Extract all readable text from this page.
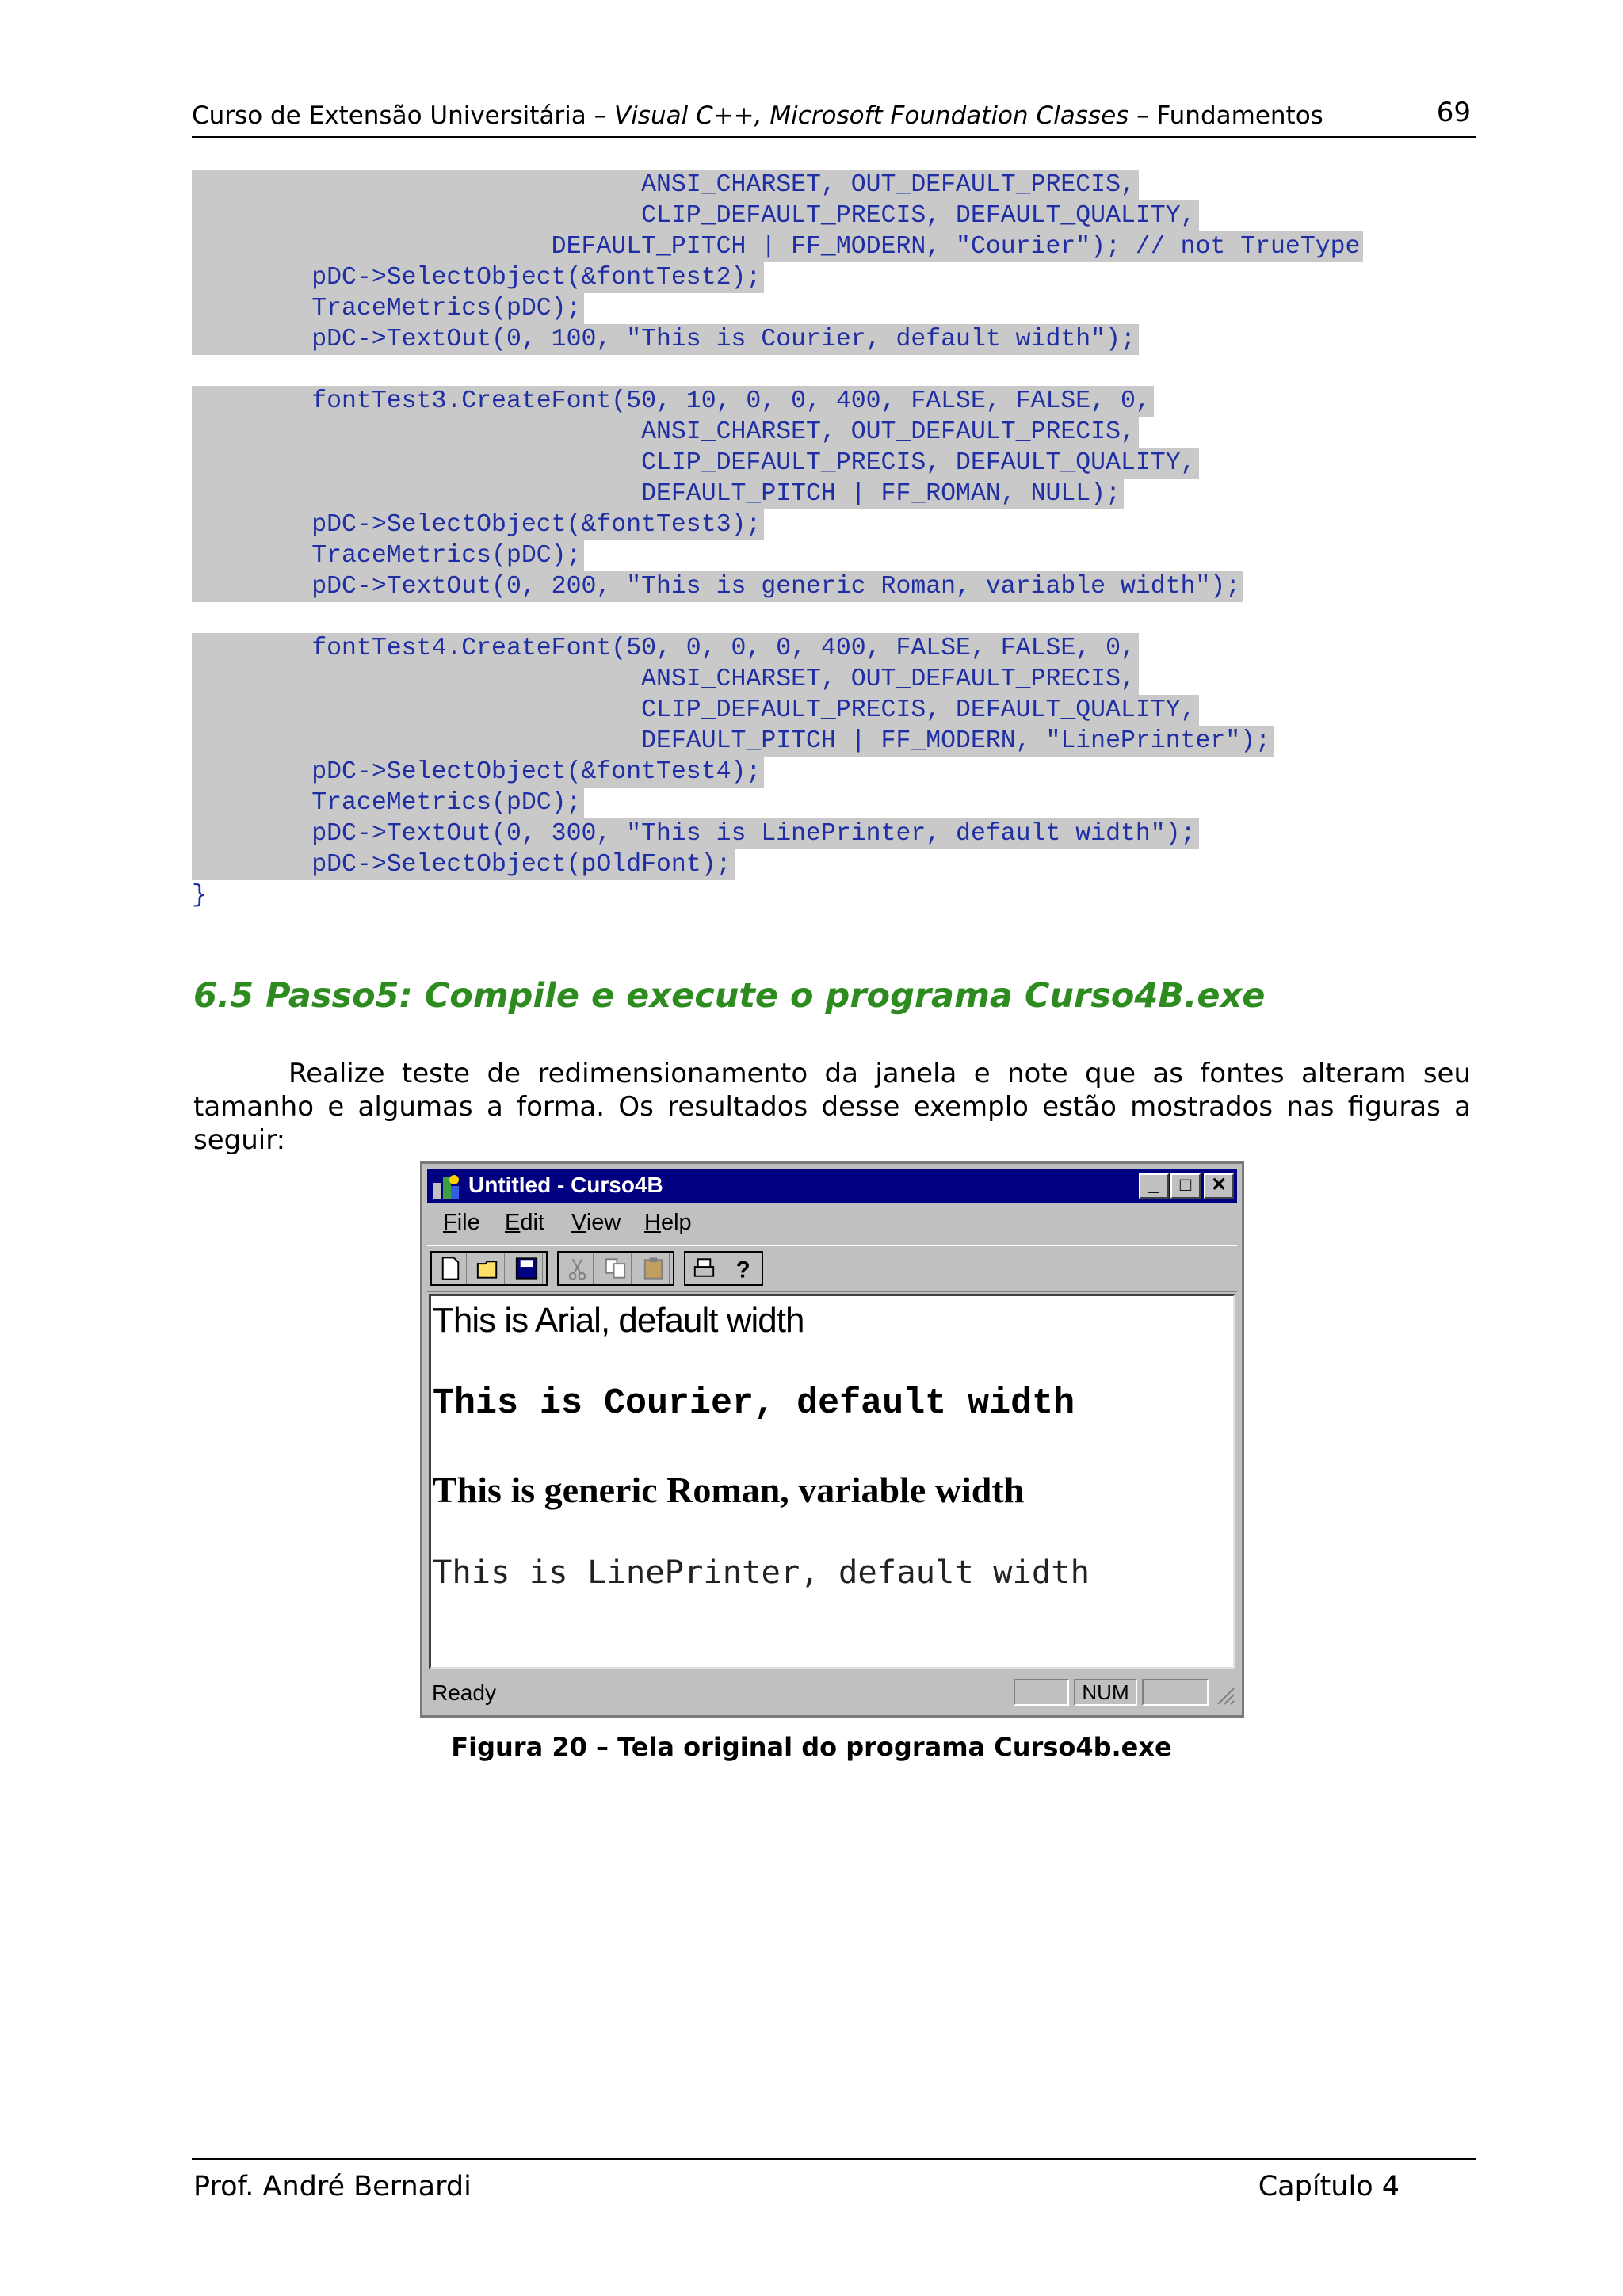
Curso de Extensão Universitária – Visual C++, Microsoft Foundation Classes – Fundamentos	69
ANSI_CHARSET, OUT_DEFAULT_PRECIS,
CLIP_DEFAULT_PRECIS, DEFAULT_QUALITY,
DEFAULT_PITCH | FF_MODERN, "Courier"); // not TrueType
pDC->SelectObject(&fontTest2);
TraceMetrics(pDC);
pDC->TextOut(0, 100, "This is Courier, default width");
fontTest3.CreateFont(50, 10, 0, 0, 400, FALSE, FALSE, 0,
ANSI_CHARSET, OUT_DEFAULT_PRECIS,
CLIP_DEFAULT_PRECIS, DEFAULT_QUALITY,
DEFAULT_PITCH | FF_ROMAN, NULL);
pDC->SelectObject(&fontTest3);
TraceMetrics(pDC);
pDC->TextOut(0, 200, "This is generic Roman, variable width");
fontTest4.CreateFont(50, 0, 0, 0, 400, FALSE, FALSE, 0,
ANSI_CHARSET, OUT_DEFAULT_PRECIS,
CLIP_DEFAULT_PRECIS, DEFAULT_QUALITY,
DEFAULT_PITCH | FF_MODERN, "LinePrinter");
pDC->SelectObject(&fontTest4);
TraceMetrics(pDC);
pDC->TextOut(0, 300, "This is LinePrinter, default width");
pDC->SelectObject(pOldFont);
}
6.5 Passo5: Compile e execute o programa Curso4B.exe

Realize teste de redimensionamento da janela e note que as fontes alteram seu tamanho e algumas a forma. Os resultados desse exemplo estão mostrados nas figuras a seguir:

Untitled - Curso4B	_	□	✕
File Edit View Help
?
This is Arial, default width
This is Courier, default width
This is generic Roman, variable width
This is LinePrinter, default width
Ready	NUM
Figura 20 – Tela original do programa Curso4b.exe
Prof. André Bernardi	Capítulo 4
